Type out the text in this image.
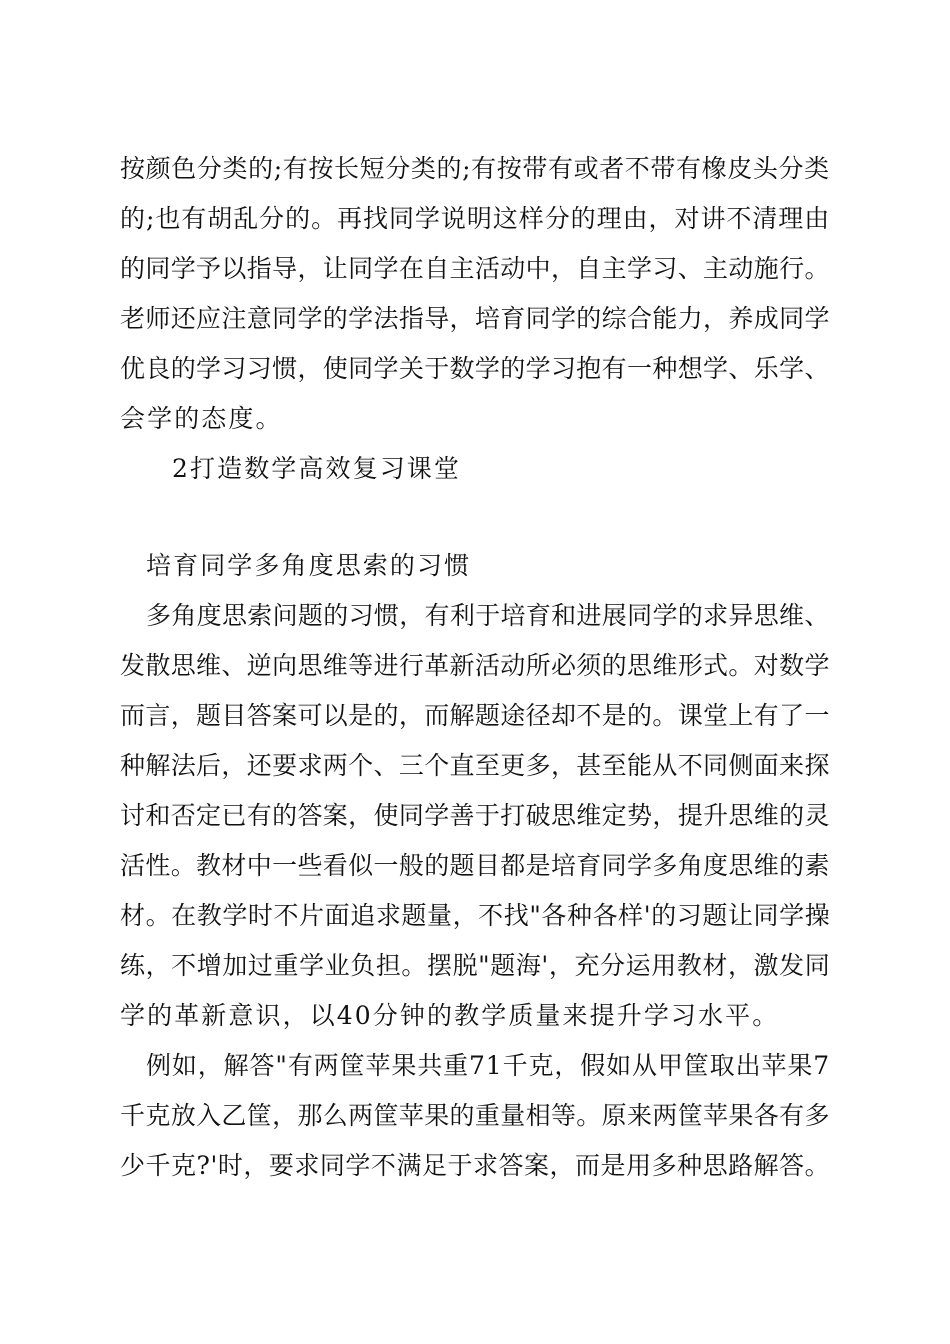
按颜色分类的;有按长短分类的;有按带有或者不带有橡皮头分类
的;也有胡乱分的。再找同学说明这样分的理由，对讲不清理由
的同学予以指导，让同学在自主活动中，自主学习、主动施行。
老师还应注意同学的学法指导，培育同学的综合能力，养成同学
优良的学习习惯，使同学关于数学的学习抱有一种想学、乐学、
会学的态度。
2打造数学高效复习课堂
培育同学多角度思索的习惯
多角度思索问题的习惯，有利于培育和进展同学的求异思维、
发散思维、逆向思维等进行革新活动所必须的思维形式。对数学
而言，题目答案可以是的，而解题途径却不是的。课堂上有了一
种解法后，还要求两个、三个直至更多，甚至能从不同侧面来探
讨和否定已有的答案，使同学善于打破思维定势，提升思维的灵
活性。教材中一些看似一般的题目都是培育同学多角度思维的素
材。在教学时不片面追求题量，不找"各种各样'的习题让同学操
练，不增加过重学业负担。摆脱"题海'，充分运用教材，激发同
学的革新意识，以40分钟的教学质量来提升学习水平。
例如，解答"有两筐苹果共重71千克，假如从甲筐取出苹果7
千克放入乙筐，那么两筐苹果的重量相等。原来两筐苹果各有多
少千克?'时，要求同学不满足于求答案，而是用多种思路解答。
